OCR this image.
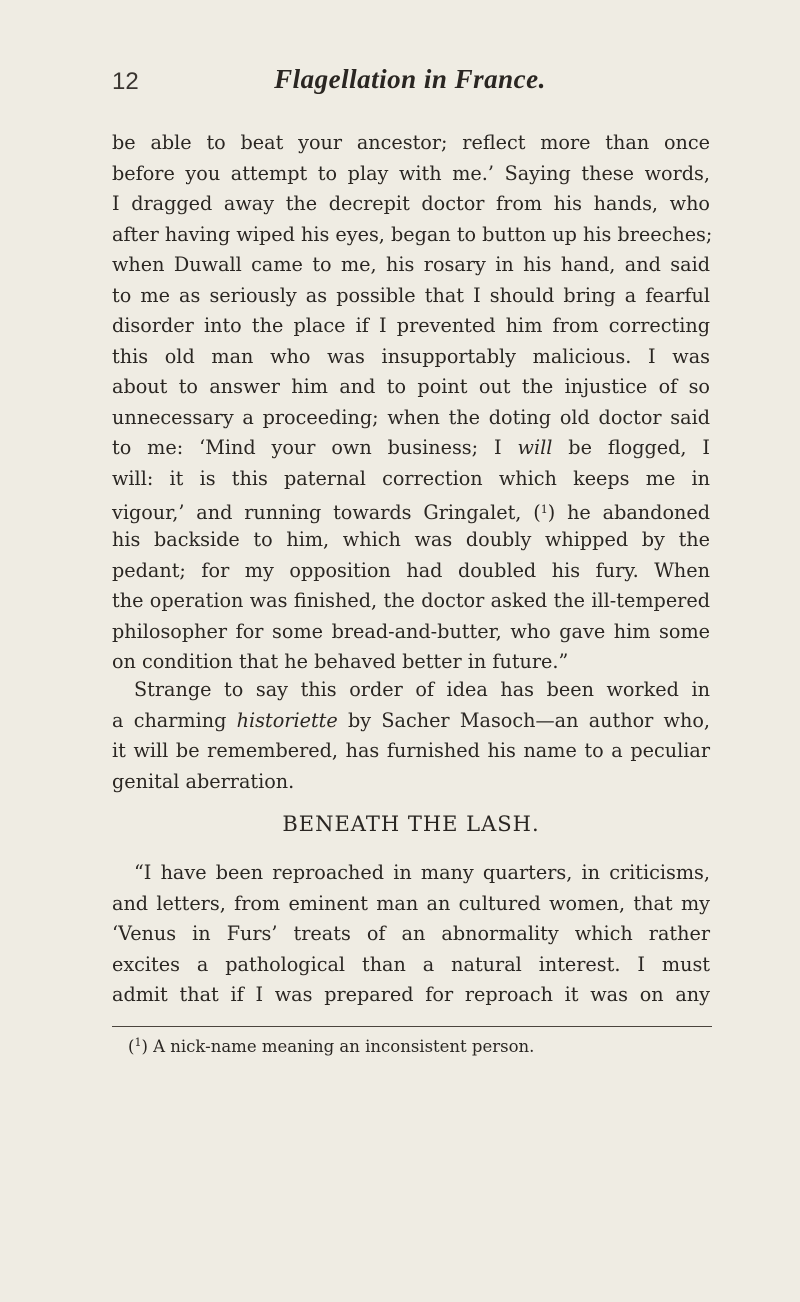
12	Flagellation in France.
be able to beat your ancestor; reflect more than once
before you attempt to play with me.’ Saying these words,
I dragged away the decrepit doctor from his hands, who
after having wiped his eyes, began to button up his breeches;
when Duwall came to me, his rosary in his hand, and said
to me as seriously as possible that I should bring a fearful
disorder into the place if I prevented him from correcting
this old man who was insupportably malicious. I was
about to answer him and to point out the injustice of so
unnecessary a proceeding; when the doting old doctor said
to me: ‘Mind your own business; I will be flogged, I
will: it is this paternal correction which keeps me in
vigour,’ and running towards Gringalet, ($^1$) he abandoned
his backside to him, which was doubly whipped by the
pedant; for my opposition had doubled his fury. When
the operation was finished, the doctor asked the ill-tempered
philosopher for some bread-and-butter, who gave him some
on condition that he behaved better in future.”
Strange to say this order of idea has been worked in
a charming historiette by Sacher Masoch—an author who,
it will be remembered, has furnished his name to a peculiar
genital aberration.
BENEATH THE LASH.
“I have been reproached in many quarters, in criticisms,
and letters, from eminent man an cultured women, that my
‘Venus in Furs’ treats of an abnormality which rather
excites a pathological than a natural interest. I must
admit that if I was prepared for reproach it was on any
($^1$) A nick-name meaning an inconsistent person.
